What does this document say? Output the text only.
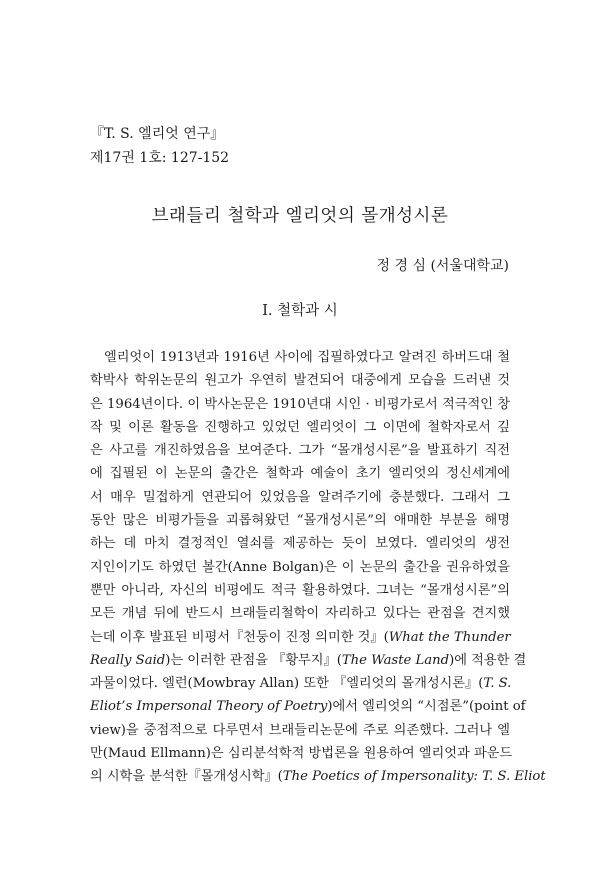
『T. S. 엘리엇 연구』
제17권 1호: 127-152
브래들리 철학과 엘리엇의 몰개성시론
정 경 심 (서울대학교)
I. 철학과 시
엘리엇이 1913년과 1916년 사이에 집필하였다고 알려진 하버드대 철
학박사 학위논문의 원고가 우연히 발견되어 대중에게 모습을 드러낸 것
은 1964년이다. 이 박사논문은 1910년대 시인 · 비평가로서 적극적인 창
작 및 이론 활동을 진행하고 있었던 엘리엇이 그 이면에 철학자로서 깊
은 사고를 개진하였음을 보여준다. 그가 “몰개성시론”을 발표하기 직전
에 집필된 이 논문의 출간은 철학과 예술이 초기 엘리엇의 정신세계에
서 매우 밀접하게 연관되어 있었음을 알려주기에 충분했다. 그래서 그
동안 많은 비평가들을 괴롭혀왔던 “몰개성시론”의 애매한 부분을 해명
하는 데 마치 결정적인 열쇠를 제공하는 듯이 보였다. 엘리엇의 생전
지인이기도 하였던 볼간(Anne Bolgan)은 이 논문의 출간을 권유하였을
뿐만 아니라, 자신의 비평에도 적극 활용하였다. 그녀는 “몰개성시론”의
모든 개념 뒤에 반드시 브래들리철학이 자리하고 있다는 관점을 견지했
는데 이후 발표된 비평서『천둥이 진정 의미한 것』(What the Thunder
Really Said)는 이러한 관점을 『황무지』(The Waste Land)에 적용한 결
과물이었다. 엘런(Mowbray Allan) 또한 『엘리엇의 몰개성시론』(T. S.
Eliot’s Impersonal Theory of Poetry)에서 엘리엇의 “시점론”(point of
view)을 중점적으로 다루면서 브래들리논문에 주로 의존했다. 그러나 엘
만(Maud Ellmann)은 심리분석학적 방법론을 원용하여 엘리엇과 파운드
의 시학을 분석한『몰개성시학』(The Poetics of Impersonality: T. S. Eliot
